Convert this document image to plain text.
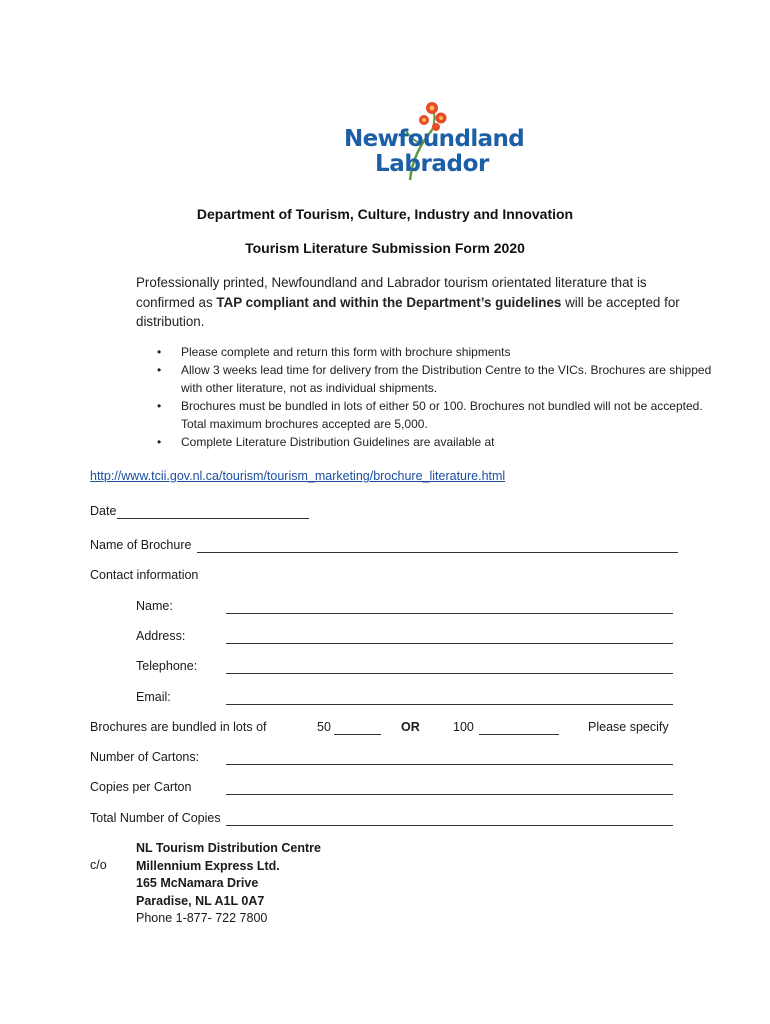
Newfoundland
Labrador
Department of Tourism, Culture, Industry and Innovation
Tourism Literature Submission Form 2020
Professionally printed, Newfoundland and Labrador tourism orientated literature that is confirmed as TAP compliant and within the Department’s guidelines will be accepted for distribution.
• Please complete and return this form with brochure shipments
• Allow 3 weeks lead time for delivery from the Distribution Centre to the VICs. Brochures are shipped with other literature, not as individual shipments.
• Brochures must be bundled in lots of either 50 or 100. Brochures not bundled will not be accepted. Total maximum brochures accepted are 5,000.
• Complete Literature Distribution Guidelines are available at
http://www.tcii.gov.nl.ca/tourism/tourism_marketing/brochure_literature.html
Date
Name of Brochure
Contact information
Name:
Address:
Telephone:
Email:
Brochures are bundled in lots of	50	OR	100	Please specify
Number of Cartons:
Copies per Carton
Total Number of Copies
c/o
NL Tourism Distribution Centre
Millennium Express Ltd.
165 McNamara Drive
Paradise, NL A1L 0A7
Phone 1-877- 722 7800
